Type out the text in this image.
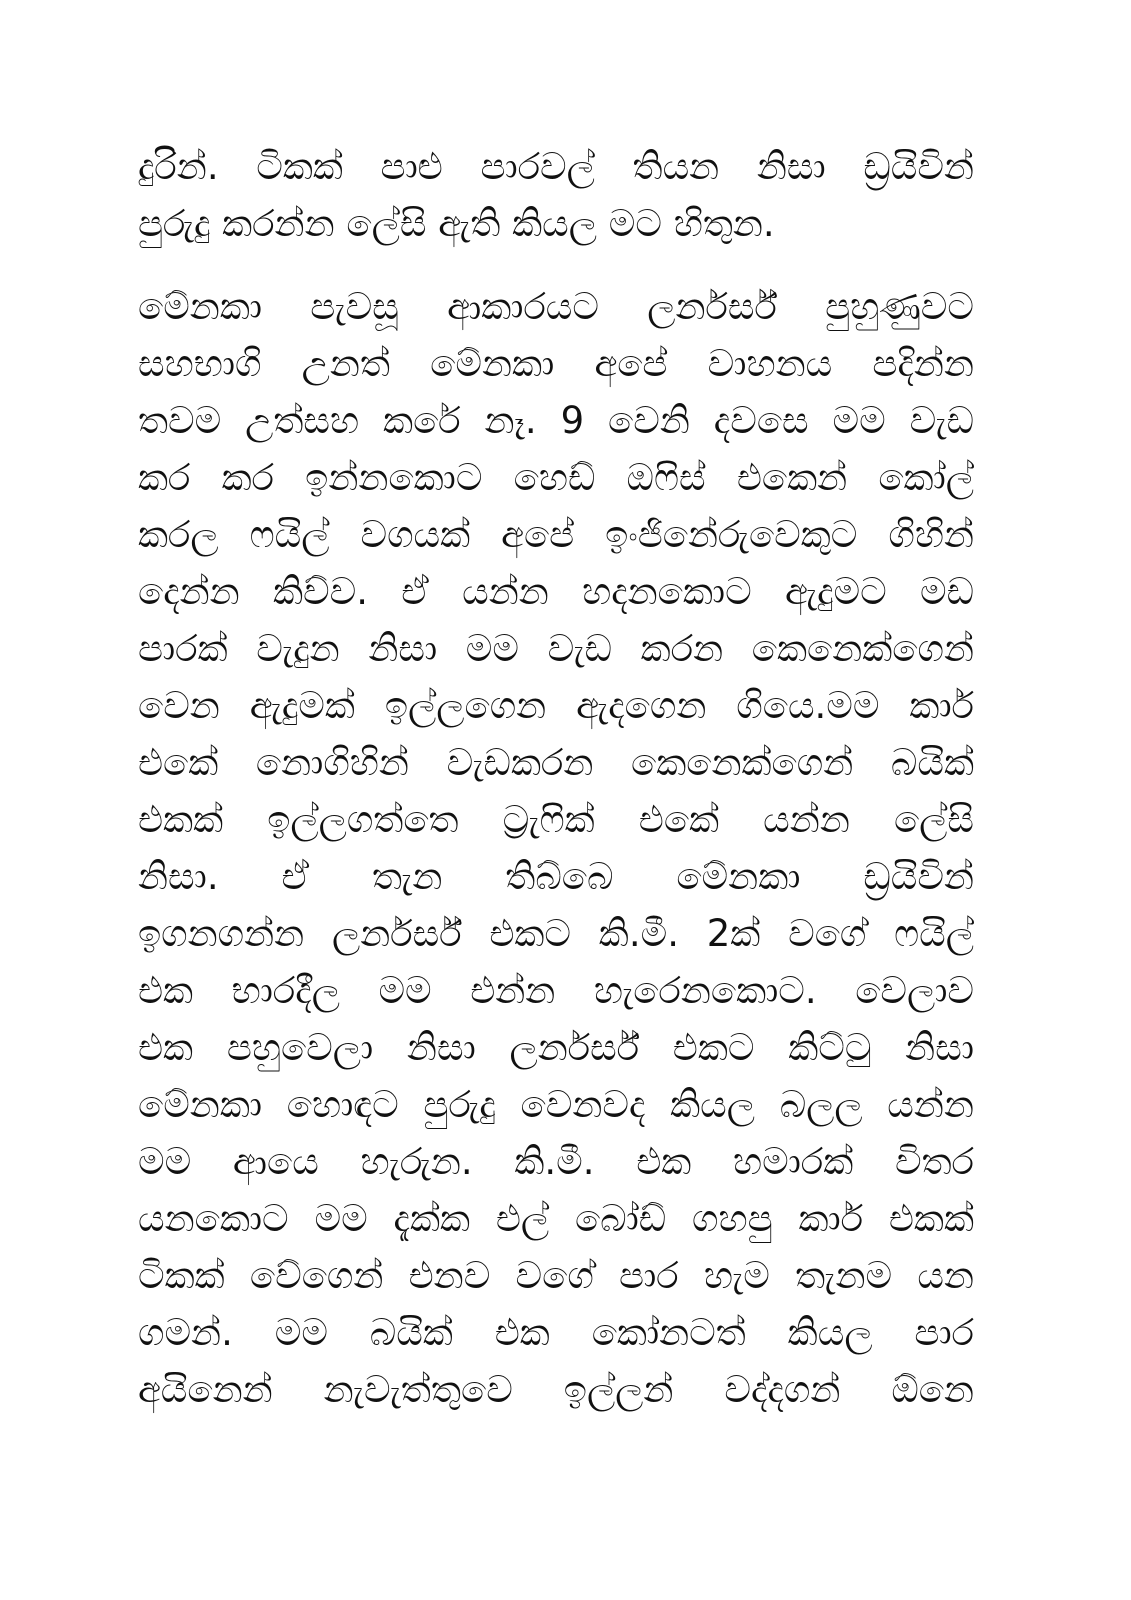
දුරින්. ටිකක් පාළු පාරවල් තියන නිසා ඩ්‍රයිවින්
පුරුදු කරන්න ලේසි ඇති කියල මට හිතුන.
මේනකා පැවසූ ආකාරයට ලර්නර්ස් පුහුණුවට
සහභාගි උනත් මේනකා අපේ වාහනය පදින්න
තවම උත්සහ කරේ නෑ. 9 වෙනි දවසෙ මම වැඩ
කර කර ඉන්නකොට හෙඩ් ඔෆිස් එකෙන් කෝල්
කරල ෆයිල් වගයක් අපේ ඉංජිනේරුවෙකුට ගිහින්
දෙන්න කිව්ව. ඒ යන්න හදනකොට ඇදුමට මඩ
පාරක් වැදුන නිසා මම වැඩ කරන කෙනෙක්ගෙන්
වෙන ඇදුමක් ඉල්ලගෙන ඇදගෙන ගියෙ.මම කාර්
එකේ නොගිහින් වැඩකරන කෙනෙක්ගෙන් බයික්
එකක් ඉල්ලගත්තෙ ට්‍රැෆික් එකේ යන්න ලේසි
නිසා. ඒ තැන තිබ්බෙ මේනකා ඩ්‍රයිවින්
ඉගනගන්න ලර්නර්ස් එකට කි.මී. 2ක් වගේ ෆයිල්
එක භාරදීල මම එන්න හැරෙනකොට. වෙලාව
එක පහුවෙලා නිසා ලර්නර්ස් එකට කිට්ටු නිසා
මේනකා හොඳට පුරුදු වෙනවද කියල බලල යන්න
මම ආයෙ හැරුන. කි.මී. එක හමාරක් විතර
යනකොට මම දැක්ක එල් බෝඩ් ගහපු කාර් එකක්
ටිකක් වේගෙන් එනව වගේ පාර හැම තැනම යන
ගමන්. මම බයික් එක කෝනටත් කියල පාර
අයිනෙන් නැවැත්තුවෙ ඉල්ලන් වද්දගන් ඕනෙ
